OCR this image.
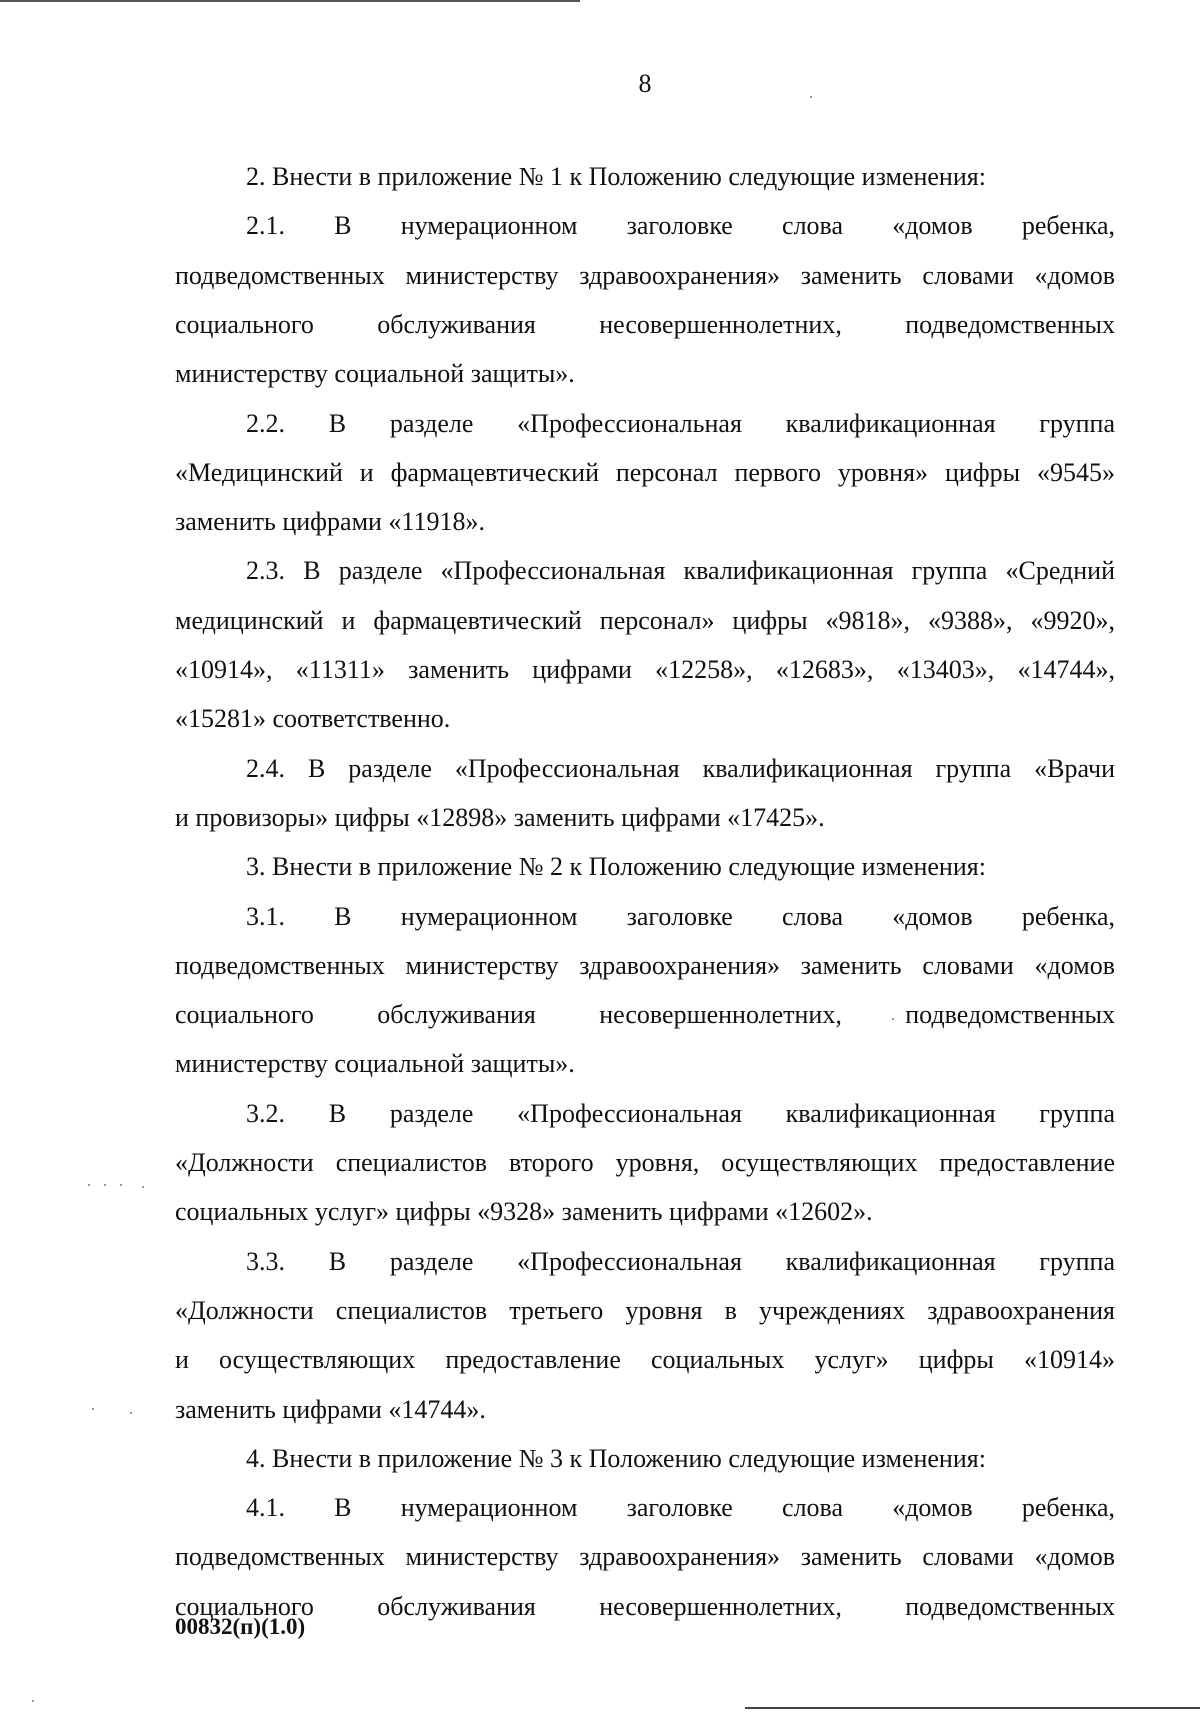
8
2. Внести в приложение № 1 к Положению следующие изменения:
2.1. В нумерационном заголовке слова «домов ребенка,
подведомственных министерству здравоохранения» заменить словами «домов
социального обслуживания несовершеннолетних, подведомственных
министерству социальной защиты».
2.2. В разделе «Профессиональная квалификационная группа
«Медицинский и фармацевтический персонал первого уровня» цифры «9545»
заменить цифрами «11918».
2.3. В разделе «Профессиональная квалификационная группа «Средний
медицинский и фармацевтический персонал» цифры «9818», «9388», «9920»,
«10914», «11311» заменить цифрами «12258», «12683», «13403», «14744»,
«15281» соответственно.
2.4. В разделе «Профессиональная квалификационная группа «Врачи
и провизоры» цифры «12898» заменить цифрами «17425».
3. Внести в приложение № 2 к Положению следующие изменения:
3.1. В нумерационном заголовке слова «домов ребенка,
подведомственных министерству здравоохранения» заменить словами «домов
социального обслуживания несовершеннолетних, подведомственных
министерству социальной защиты».
3.2. В разделе «Профессиональная квалификационная группа
«Должности специалистов второго уровня, осуществляющих предоставление
социальных услуг» цифры «9328» заменить цифрами «12602».
3.3. В разделе «Профессиональная квалификационная группа
«Должности специалистов третьего уровня в учреждениях здравоохранения
и осуществляющих предоставление социальных услуг» цифры «10914»
заменить цифрами «14744».
4. Внести в приложение № 3 к Положению следующие изменения:
4.1. В нумерационном заголовке слова «домов ребенка,
подведомственных министерству здравоохранения» заменить словами «домов
социального обслуживания несовершеннолетних, подведомственных
00832(п)(1.0)
